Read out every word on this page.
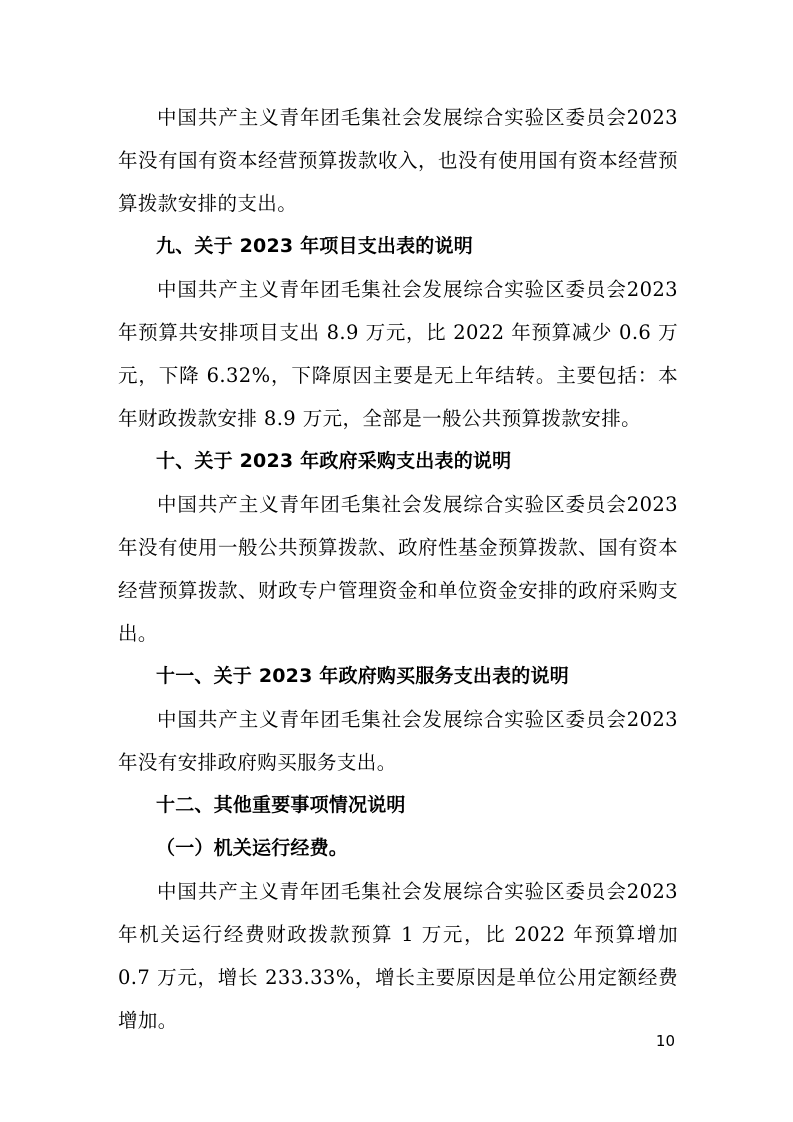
中国共产主义青年团毛集社会发展综合实验区委员会2023年没有国有资本经营预算拨款收入，也没有使用国有资本经营预算拨款安排的支出。

九、关于 2023 年项目支出表的说明

中国共产主义青年团毛集社会发展综合实验区委员会2023年预算共安排项目支出 8.9 万元，比 2022 年预算减少 0.6 万元，下降 6.32%，下降原因主要是无上年结转。主要包括：本年财政拨款安排 8.9 万元，全部是一般公共预算拨款安排。

十、关于 2023 年政府采购支出表的说明

中国共产主义青年团毛集社会发展综合实验区委员会2023年没有使用一般公共预算拨款、政府性基金预算拨款、国有资本经营预算拨款、财政专户管理资金和单位资金安排的政府采购支出。

十一、关于 2023 年政府购买服务支出表的说明

中国共产主义青年团毛集社会发展综合实验区委员会2023年没有安排政府购买服务支出。

十二、其他重要事项情况说明

（一）机关运行经费。

中国共产主义青年团毛集社会发展综合实验区委员会2023年机关运行经费财政拨款预算 1 万元，比 2022 年预算增加 0.7 万元，增长 233.33%，增长主要原因是单位公用定额经费增加。

10
